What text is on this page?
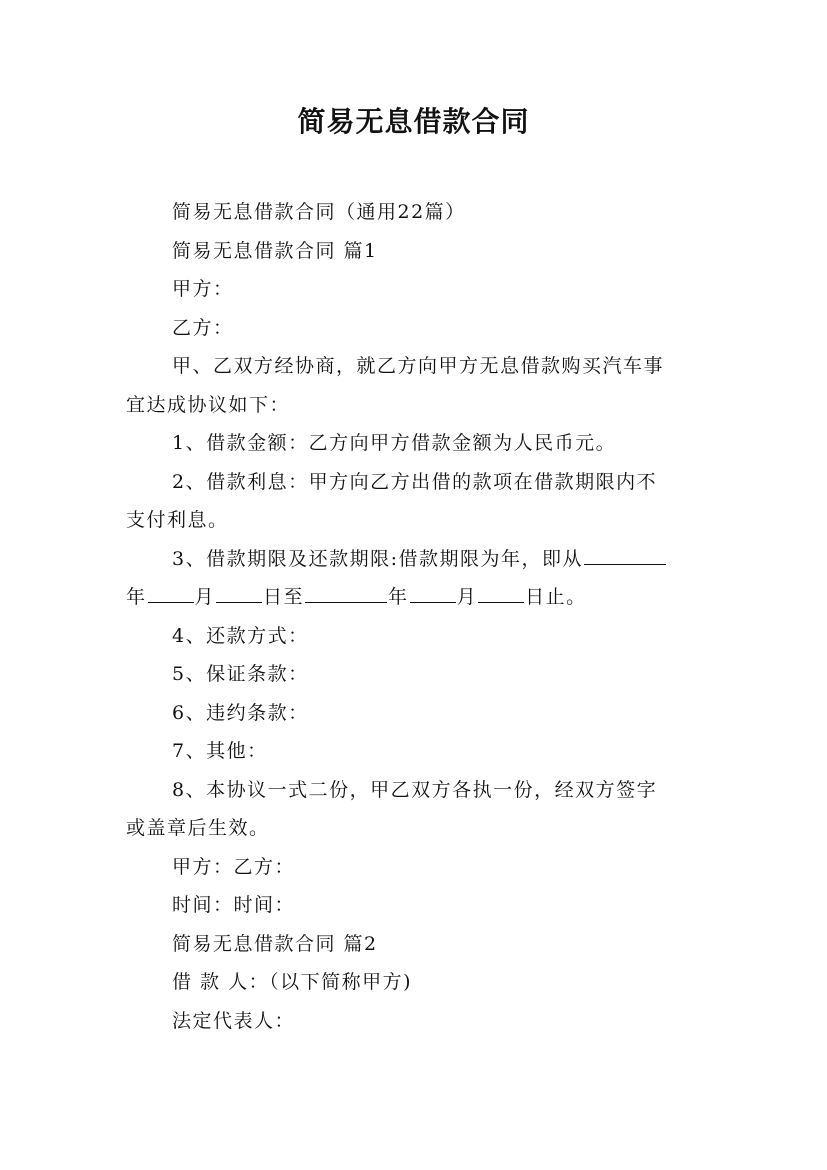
简易无息借款合同

简易无息借款合同（通用22篇）

简易无息借款合同 篇1

甲方：

乙方：

甲、乙双方经协商，就乙方向甲方无息借款购买汽车事
宜达成协议如下：

1、借款金额：乙方向甲方借款金额为人民币元。

2、借款利息：甲方向乙方出借的款项在借款期限内不
支付利息。

3、借款期限及还款期限:借款期限为年，即从
年	月	日至	年	月	日止。

4、还款方式：

5、保证条款：

6、违约条款：

7、其他：

8、本协议一式二份，甲乙双方各执一份，经双方签字
或盖章后生效。

甲方：乙方：

时间：时间：

简易无息借款合同 篇2

借 款 人：（以下简称甲方)

法定代表人：
